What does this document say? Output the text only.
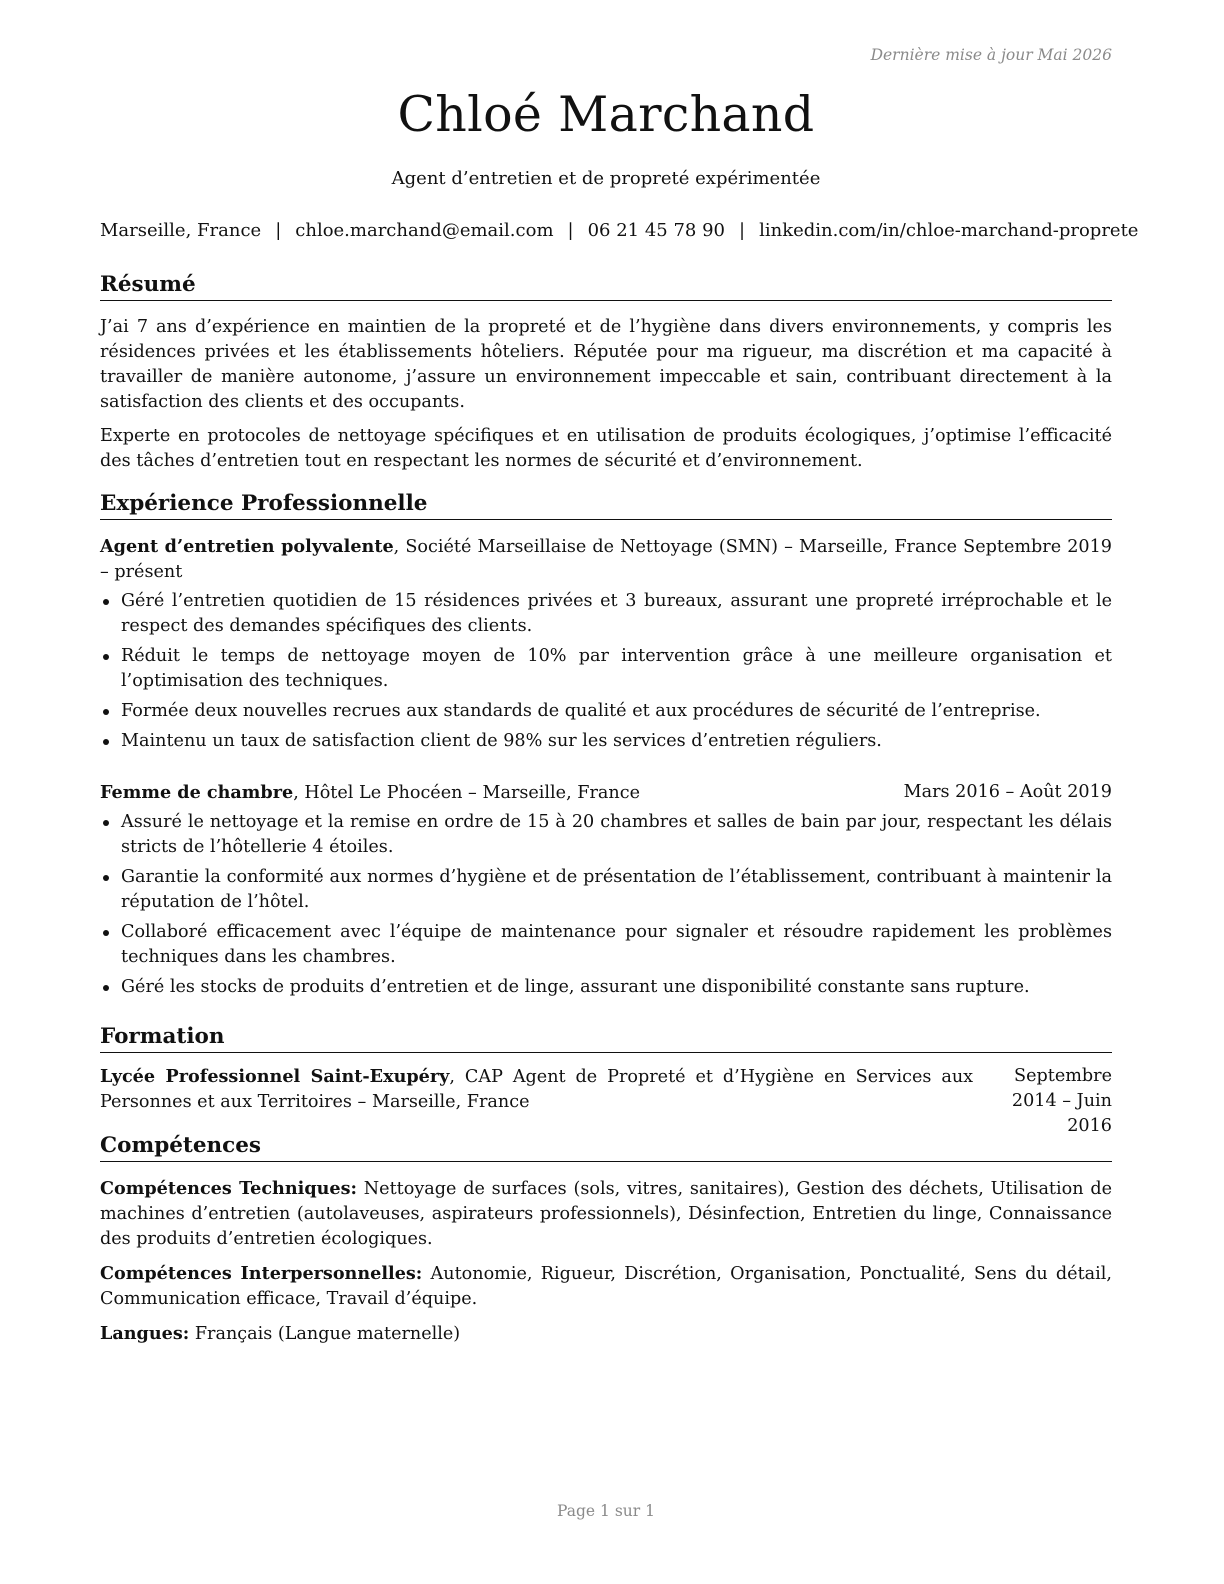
Dernière mise à jour Mai 2026
Chloé Marchand
Agent d’entretien et de propreté expérimentée
Marseille, France | chloe.marchand@email.com | 06 21 45 78 90 | linkedin.com/in/chloe-marchand-proprete
Résumé

J’ai 7 ans d’expérience en maintien de la propreté et de l’hygiène dans divers environnements, y compris les résidences privées et les établissements hôteliers. Réputée pour ma rigueur, ma discrétion et ma capacité à travailler de manière autonome, j’assure un environnement impeccable et sain, contribuant directement à la satisfaction des clients et des occupants.

Experte en protocoles de nettoyage spécifiques et en utilisation de produits écologiques, j’optimise l’efficacité des tâches d’entretien tout en respectant les normes de sécurité et d’environnement.

Expérience Professionnelle
Agent d’entretien polyvalente, Société Marseillaise de Nettoyage (SMN) – Marseille, France Septembre 2019 – présent
Géré l’entretien quotidien de 15 résidences privées et 3 bureaux, assurant une propreté irréprochable et le respect des demandes spécifiques des clients.
Réduit le temps de nettoyage moyen de 10% par intervention grâce à une meilleure organisation et l’optimisation des techniques.
Formée deux nouvelles recrues aux standards de qualité et aux procédures de sécurité de l’entreprise.
Maintenu un taux de satisfaction client de 98% sur les services d’entretien réguliers.
Femme de chambre, Hôtel Le Phocéen – Marseille, France	Mars 2016 – Août 2019
Assuré le nettoyage et la remise en ordre de 15 à 20 chambres et salles de bain par jour, respectant les délais stricts de l’hôtellerie 4 étoiles.
Garantie la conformité aux normes d’hygiène et de présentation de l’établissement, contribuant à maintenir la réputation de l’hôtel.
Collaboré efficacement avec l’équipe de maintenance pour signaler et résoudre rapidement les problèmes techniques dans les chambres.
Géré les stocks de produits d’entretien et de linge, assurant une disponibilité constante sans rupture.
Formation
Lycée Professionnel Saint-Exupéry, CAP Agent de Propreté et d’Hygiène en Services aux Personnes et aux Territoires – Marseille, France
Septembre 2014 – Juin 2016
Compétences

Compétences Techniques: Nettoyage de surfaces (sols, vitres, sanitaires), Gestion des déchets, Utilisation de machines d’entretien (autolaveuses, aspirateurs professionnels), Désinfection, Entretien du linge, Connaissance des produits d’entretien écologiques.

Compétences Interpersonnelles: Autonomie, Rigueur, Discrétion, Organisation, Ponctualité, Sens du détail, Communication efficace, Travail d’équipe.

Langues: Français (Langue maternelle)

Page 1 sur 1
